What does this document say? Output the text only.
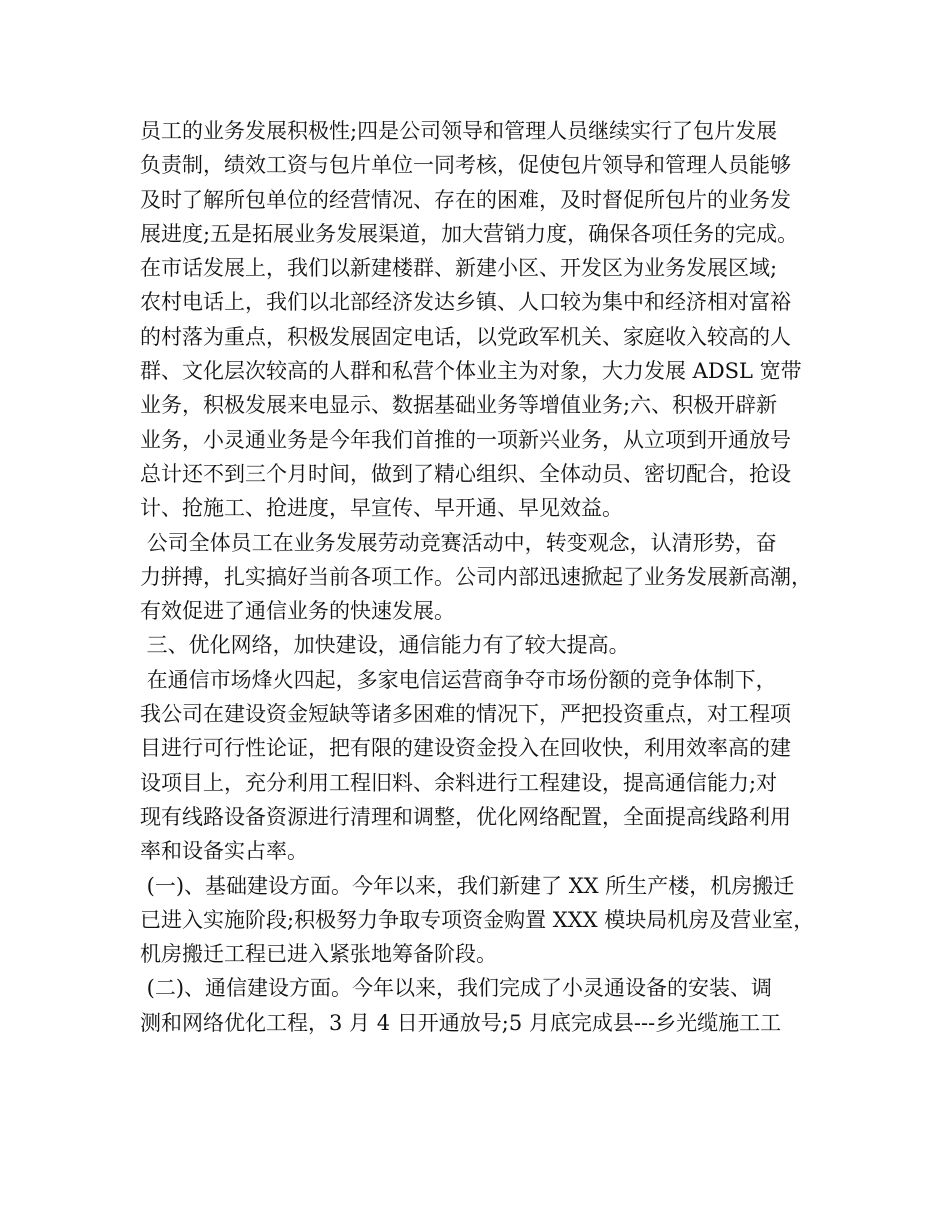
员工的业务发展积极性;四是公司领导和管理人员继续实行了包片发展
负责制，绩效工资与包片单位一同考核，促使包片领导和管理人员能够
及时了解所包单位的经营情况、存在的困难，及时督促所包片的业务发
展进度;五是拓展业务发展渠道，加大营销力度，确保各项任务的完成。
在市话发展上，我们以新建楼群、新建小区、开发区为业务发展区域;
农村电话上，我们以北部经济发达乡镇、人口较为集中和经济相对富裕
的村落为重点，积极发展固定电话，以党政军机关、家庭收入较高的人
群、文化层次较高的人群和私营个体业主为对象，大力发展 ADSL 宽带
业务，积极发展来电显示、数据基础业务等增值业务;六、积极开辟新
业务，小灵通业务是今年我们首推的一项新兴业务，从立项到开通放号
总计还不到三个月时间，做到了精心组织、全体动员、密切配合，抢设
计、抢施工、抢进度，早宣传、早开通、早见效益。
公司全体员工在业务发展劳动竞赛活动中，转变观念，认清形势，奋
力拼搏，扎实搞好当前各项工作。公司内部迅速掀起了业务发展新高潮，
有效促进了通信业务的快速发展。
三、优化网络，加快建设，通信能力有了较大提高。
在通信市场烽火四起，多家电信运营商争夺市场份额的竞争体制下，
我公司在建设资金短缺等诸多困难的情况下，严把投资重点，对工程项
目进行可行性论证，把有限的建设资金投入在回收快，利用效率高的建
设项目上，充分利用工程旧料、余料进行工程建设，提高通信能力;对
现有线路设备资源进行清理和调整，优化网络配置，全面提高线路利用
率和设备实占率。
(一)、基础建设方面。今年以来，我们新建了 XX 所生产楼，机房搬迁
已进入实施阶段;积极努力争取专项资金购置 XXX 模块局机房及营业室，
机房搬迁工程已进入紧张地筹备阶段。
(二)、通信建设方面。今年以来，我们完成了小灵通设备的安装、调
测和网络优化工程，3 月 4 日开通放号;5 月底完成县---乡光缆施工工
